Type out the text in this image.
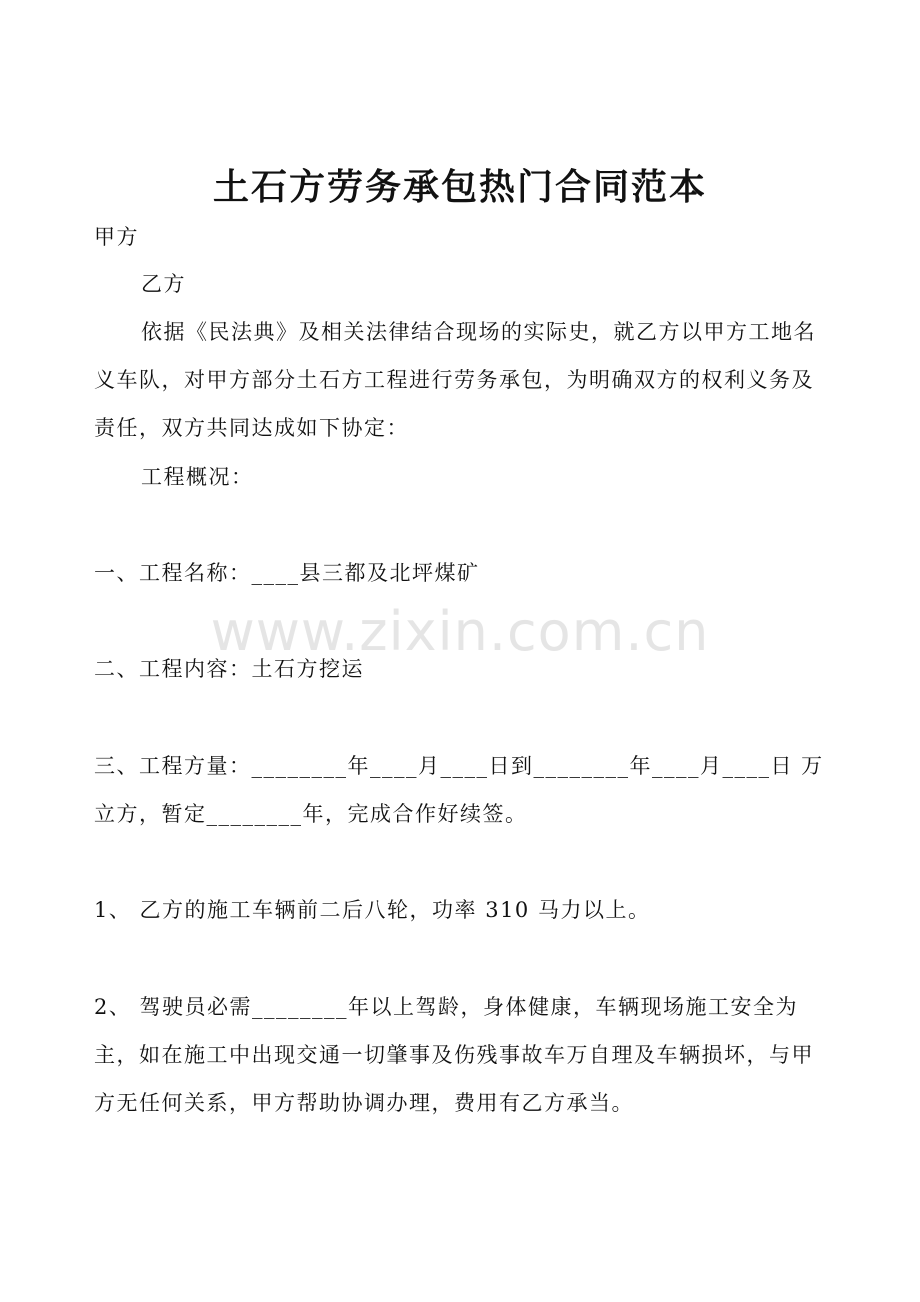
土石方劳务承包热门合同范本
甲方
乙方
依据《民法典》及相关法律结合现场的实际史，就乙方以甲方工地名义车队，对甲方部分土石方工程进行劳务承包，为明确双方的权利义务及责任，双方共同达成如下协定：
工程概况：
一、工程名称：____县三都及北坪煤矿
二、工程内容：土石方挖运
三、工程方量：________年____月____日到________年____月____日 万
立方，暂定________年，完成合作好续签。
1、 乙方的施工车辆前二后八轮，功率 310 马力以上。
2、 驾驶员必需________年以上驾龄，身体健康，车辆现场施工安全为主，如在施工中出现交通一切肇事及伤残事故车万自理及车辆损坏，与甲方无任何关系，甲方帮助协调办理，费用有乙方承当。
www.zixin.com.cn
